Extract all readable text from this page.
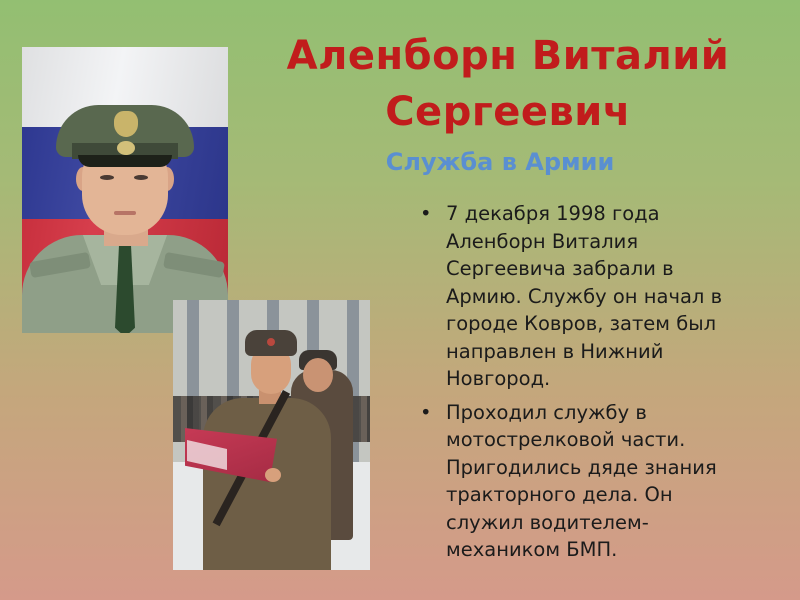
Аленборн Виталий Сергеевич
Служба в Армии
• 7 декабря 1998 года Аленборн Виталия Сергеевича забрали в Армию. Службу он начал в городе Ковров, затем был направлен в Нижний Новгород.
• Проходил службу в мотострелковой части. Пригодились дяде знания тракторного дела. Он служил водителем-механиком БМП.
